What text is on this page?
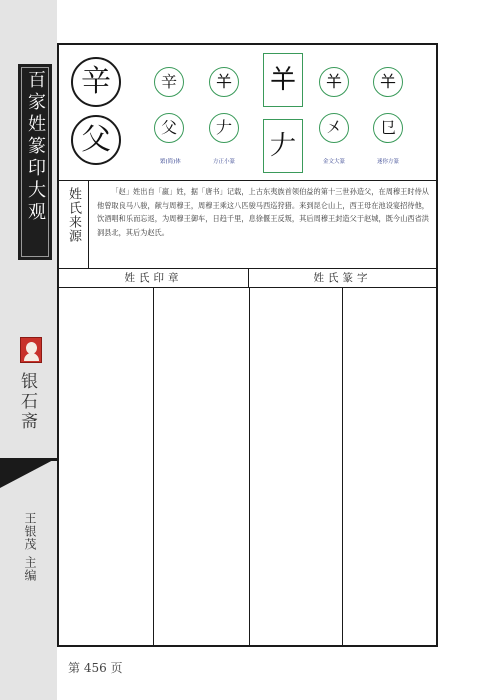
百家姓篆印大观
银石斋
王银茂 主编
辛
父
辛
父
繁(简)体
𢆉
𠂇
方正小篆
𢆉
𠂇
𢆉
㐅
金文大篆
𢆉
㔾
迷你方篆
姓氏来源	「赵」姓出自「嬴」姓，据「唐书」记载，上古东夷族首领伯益的第十三世孙造父，在周穆王时侍从他曾取良马八骏，献与周穆王，周穆王乘这八匹骏马西巡狩猎。来到昆仑山上，西王母在池设宴招待他，饮酒唱和乐而忘返，为周穆王御车，日趋千里，息徐偃王反叛，其后周穆王封造父于赵城，既今山西省洪洞县北，其后为赵氏。
姓氏印章	姓氏篆字
第 456 页
